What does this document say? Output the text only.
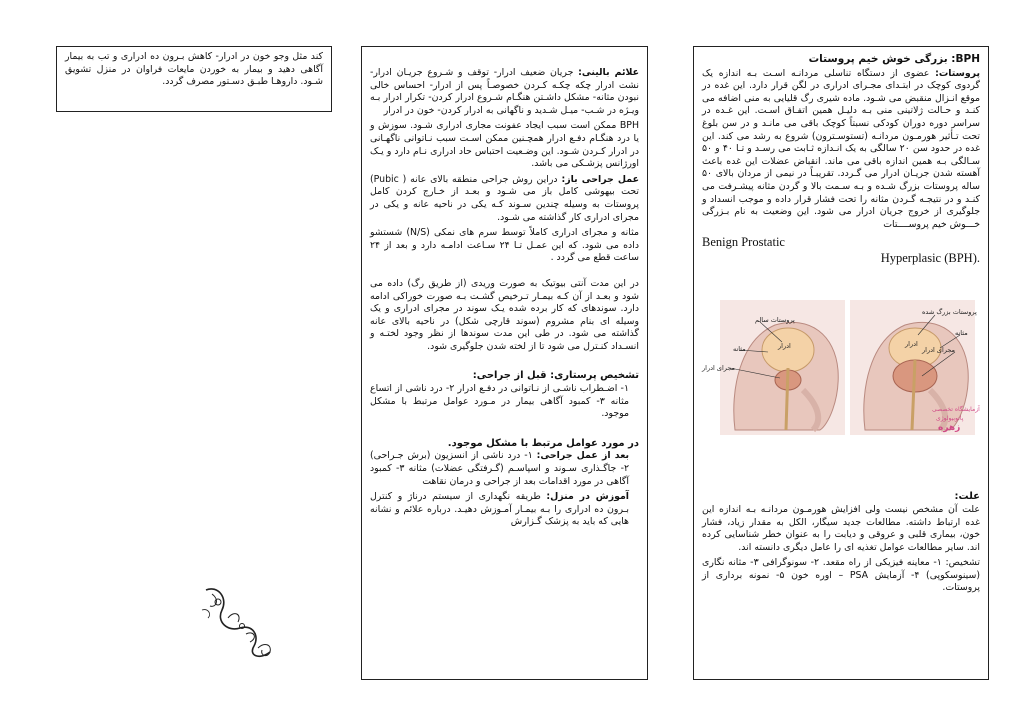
BPH: بزرگی خوش خیم پروستات

پروستات: عضوی از دستگاه تناسلی مردانـه اسـت بـه اندازه یک گردوی کوچک در ابتـدای مجـرای ادراری در لگن قرار دارد. این غده در موقع انـزال منقبض می شـود. ماده شیری رگ قلیایی به منی اضافه می کنـد و حـالت ژلاتینی منی بـه دلیـل همین اتفـاق اسـت. این غـده در سراسر دوره دوران کودکی نسبتاً کوچک باقی می مانـد و در سن بلوغ تحت تـأثیر هورمـون مردانـه (تستوسـترون) شروع به رشد می کند. این غده در حدود سن ۲۰ سالگی به یک انـدازه ثـابت می رسـد و تـا ۴۰ و ۵۰ سـالگی بـه همین اندازه باقی می ماند. انقباض عضلات این غده باعث آهسته شدن جریـان ادرار می گـردد. تقریبـاً در نیمی از مردان بالای ۵۰ ساله پروستات بزرگ شـده و بـه سـمت بالا و گردن مثانه پیشـرفت می کنـد و در نتیجـه گـردن مثانه را تحت فشار قرار داده و موجب انسداد و جلوگیری از خروج جریان ادرار می شود. این وضعیت به نام بـزرگی خـــوش خیم پروســــتات

Benign Prostatic
Hyperplasic (BPH).
پروستات سالم
مثانه
مجرای ادرار
ادرار
پروستات بزرگ شده
مثانه
مجرای ادرار
ادرار
آزمایشگاه تخصصی
پاتوبیولوژی
زهره
علت:

علت آن مشخص نیست ولی افزایش هورمـون مردانـه بـه اندازه این غده ارتباط داشته. مطالعات جدید سیگار، الکل به مقدار زیاد، فشار خون، بیماری قلبی و عروقی و دیابت را به عنوان خطر شناسایی کرده اند. سایر مطالعات عوامل تغذیه ای را عامل دیگری دانسته اند.

تشخیص: ۱- معاینه فیزیکی از راه مقعد. ۲- سونوگرافی ۳- مثانه نگاری (سینوسکوپی) ۴- آزمایش PSA – اوره خون ۵- نمونه برداری از پروستات.

علائم بالینی: جریان ضعیف ادرار- توقف و شـروع جریـان ادرار- نشت ادرار چکه چکـه کـردن خصوصـاً پس از ادرار- احساس خالی نبودن مثانه- مشکل داشـتن هنگـام شـروع ادرار کردن- تکرار ادرار بـه ویـژه در شـب- میـل شـدید و ناگهانی به ادرار کردن- خون در ادرار

BPH ممکن است سبب ایجاد عفونت مجاری ادراری شـود. سوزش و یا درد هنگـام دفـع ادرار همچـنین ممکن اسـت سبب نـاتوانی ناگهـانی در ادرار کـردن شـود. این وضـعیت احتباس حاد ادراری نـام دارد و یـک اورژانس پزشـکی می باشد.

عمل جراحی باز: دراین روش جراحی منطقه بالای عانه ( Pubic) تحت بیهوشی کامل باز می شـود و بعـد از خـارج کردن کامل پروستات به وسیله چندین سـوند کـه یکی در ناحیه عانه و یکی در مجرای ادراری کار گذاشته می شـود.

مثانه و مجرای ادراری کاملاً توسط سرم های نمکی (N/S) شستشو داده می شود. که این عمـل تـا ۲۴ سـاعت ادامـه دارد و بعد از ۲۴ ساعت قطع می گردد .

در این مدت آنتی بیوتیک به صورت وریدی (از طریق رگ) داده می شود و بعـد از آن کـه بیمـار تـرخیص گشـت بـه صورت خوراکی ادامه دارد. سوندهای که کار برده شده یـک سوند در مجرای ادراری و یک وسیله ای بنام مشروم (سوند قارچی شکل) در ناحیه بالای عانه گذاشته می شود. در طی این مدت سوندها از نظر وجود لختـه و انسـداد کنـترل می شود تا از لخته شدن جلوگیری شود.

تشخیص پرستاری: قبل از جراحی:

۱- اضـطراب ناشـی از نـاتوانی در دفـع ادرار ۲- درد ناشی از اتساع مثانه ۳- کمبود آگاهی بیمار در مـورد عوامل مرتبط با مشکل موجود.

در مورد عوامل مرتبط با مشکل موجود.

بعد از عمل جراحی: ۱- درد ناشی از انسزیون (برش جـراحی) ۲- جاگـذاری سـوند و اسپاسـم (گـرفتگی عضلات) مثانه ۳- کمبود آگاهی در مورد اقدامات بعد از جراحی و درمان نقاهت

آموزش در منزل: طریقه نگهداری از سیستم درناژ و کنترل بـرون ده ادراری را بـه بیمـار آمـوزش دهیـد. درباره علائم و نشانه هایی که باید به پزشک گـزارش

کند مثل وجو خون در ادرار- کاهش بـرون ده ادراری و تب به بیمار آگاهی دهید و بیمار به خوردن مایعات فراوان در منزل تشویق شـود. داروهـا طبـق دسـتور مصرف گردد.
